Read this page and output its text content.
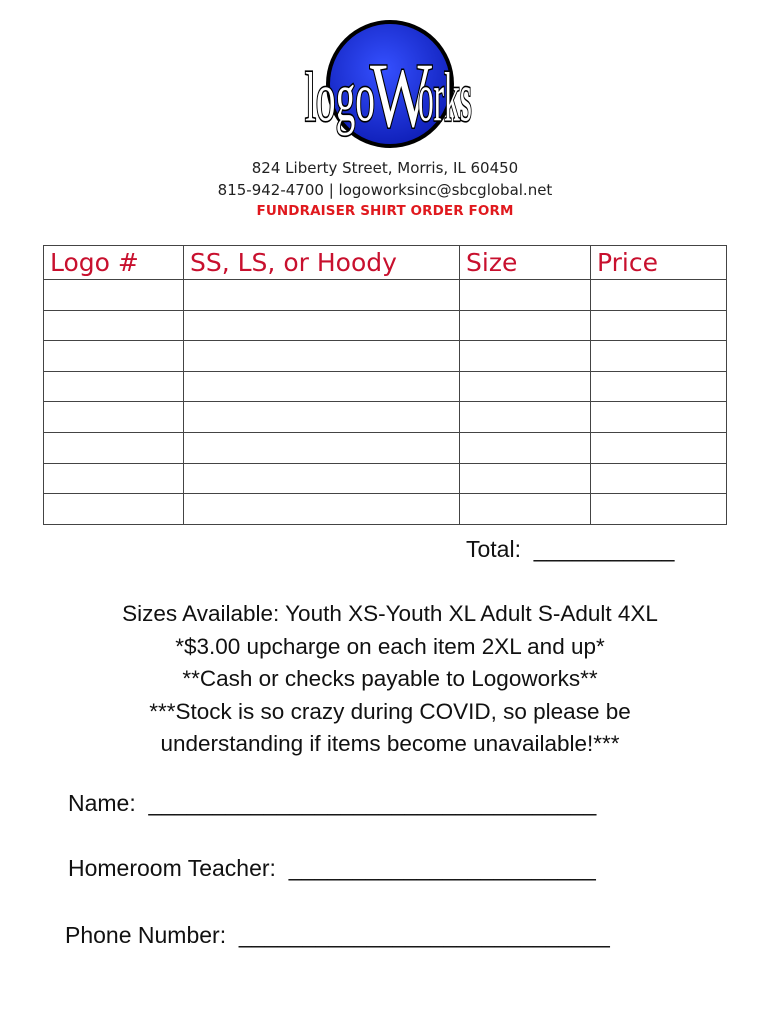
logo
W
orks
824 Liberty Street, Morris, IL 60450
815-942-4700 | logoworksinc@sbcglobal.net
FUNDRAISER SHIRT ORDER FORM
Logo #	SS, LS, or Hoody	Size	Price

Total: ___________
Sizes Available: Youth XS-Youth XL Adult S-Adult 4XL
*$3.00 upcharge on each item 2XL and up*
**Cash or checks payable to Logoworks**
***Stock is so crazy during COVID, so please be
understanding if items become unavailable!***
Name: ___________________________________
Homeroom Teacher: ________________________
Phone Number: _____________________________
